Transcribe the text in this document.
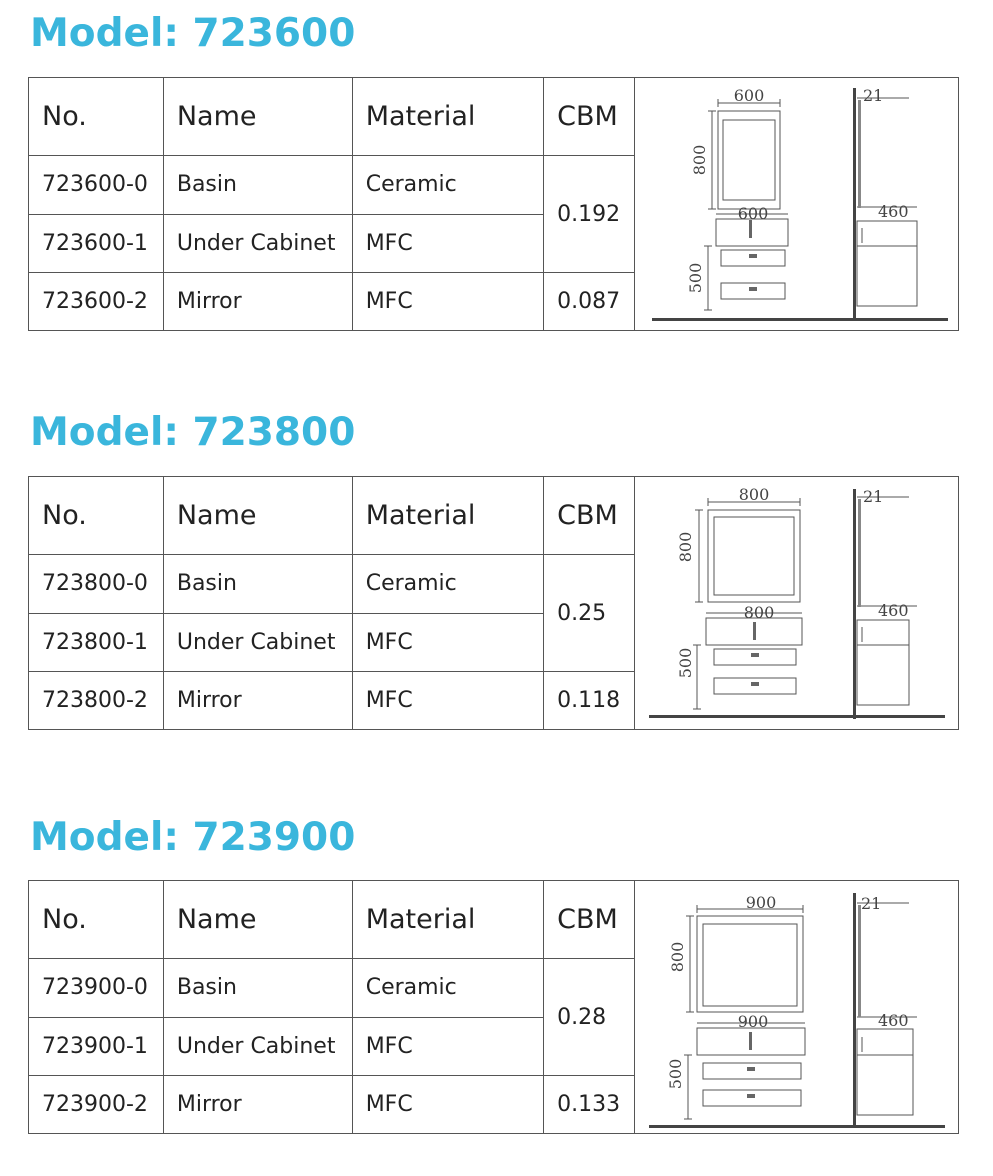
Model: 723600
No.	Name	Material	CBM
723600-0	Basin	Ceramic	0.192
723600-1	Under Cabinet	MFC	
723600-2	Mirror	MFC	0.087
600
800
600
500
21
460
Model: 723800
No.	Name	Material	CBM
723800-0	Basin	Ceramic	0.25
723800-1	Under Cabinet	MFC	
723800-2	Mirror	MFC	0.118
800
800
800
500
21
460
Model: 723900
No.	Name	Material	CBM
723900-0	Basin	Ceramic	0.28
723900-1	Under Cabinet	MFC	
723900-2	Mirror	MFC	0.133
900
800
900
500
21
460
